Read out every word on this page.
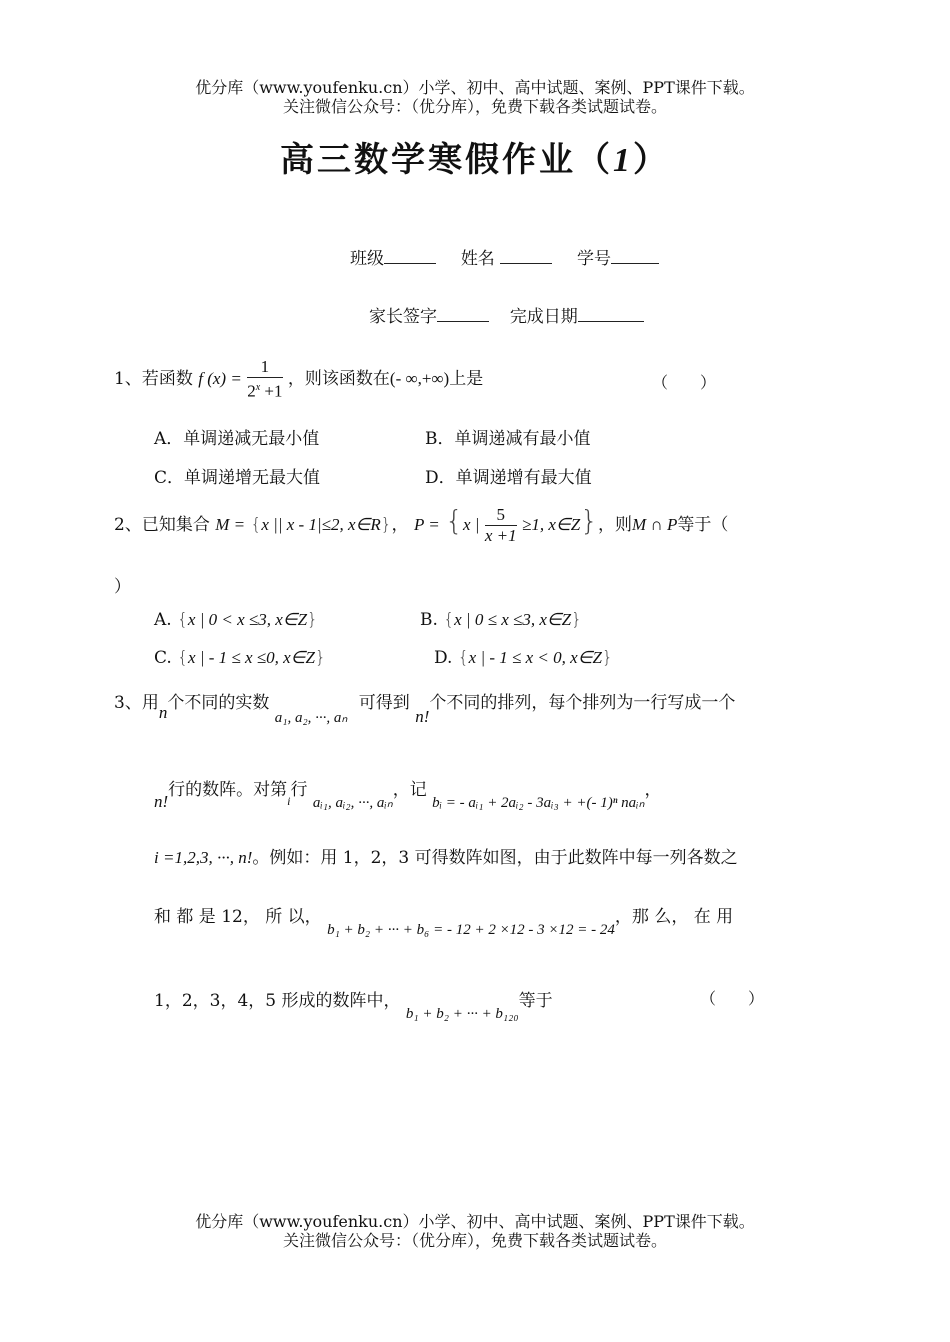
优分库（www.youfenku.cn）小学、初中、高中试题、案例、PPT课件下载。
关注微信公众号：（优分库），免费下载各类试题试卷。
高三数学寒假作业（1）
班级	姓名	学号
家长签字	完成日期
1、若函数 f $(x) = \frac{1}{2^x +1}$ ，则该函数在(- ∞,+∞)上是	（　　）
A．单调递减无最小值	B．单调递减有最小值
C．单调递增无最大值	D．单调递增有最大值
2、已知集合 M = {x || x - 1|≤2, x∈R}， P = {x | $\frac{5}{x +1} \ge 1$, x∈Z}，则M ∩ P等于（
）
A. {x | 0 < x ≤3, x∈Z}	B. {x | 0 ≤ x ≤3, x∈Z}
C. {x | - 1 ≤ x ≤0, x∈Z}	D. {x | - 1 ≤ x < 0, x∈Z}
3、用n个不同的实数 a₁, a₂, ···, aₙ 可得到 n!个不同的排列，每个排列为一行写成一个
n!行的数阵。对第$_i$行 aᵢ₁, aᵢ₂, ···, aᵢₙ，记 bᵢ = - aᵢ₁ + 2aᵢ₂ - 3aᵢ₃ + +(- 1)ⁿ naᵢₙ，
i =1,2,3, ···, n!。例如：用 1，2，3 可得数阵如图，由于此数阵中每一列各数之
和 都 是 12， 所 以， b₁ + b₂ + ··· + b₆ = - 12 + 2 ×12 - 3 ×12 = - 24，那 么， 在 用
1，2，3，4，5 形成的数阵中， b₁ + b₂ + ··· + b₁₂₀等于	（　　）
优分库（www.youfenku.cn）小学、初中、高中试题、案例、PPT课件下载。
关注微信公众号：（优分库），免费下载各类试题试卷。
